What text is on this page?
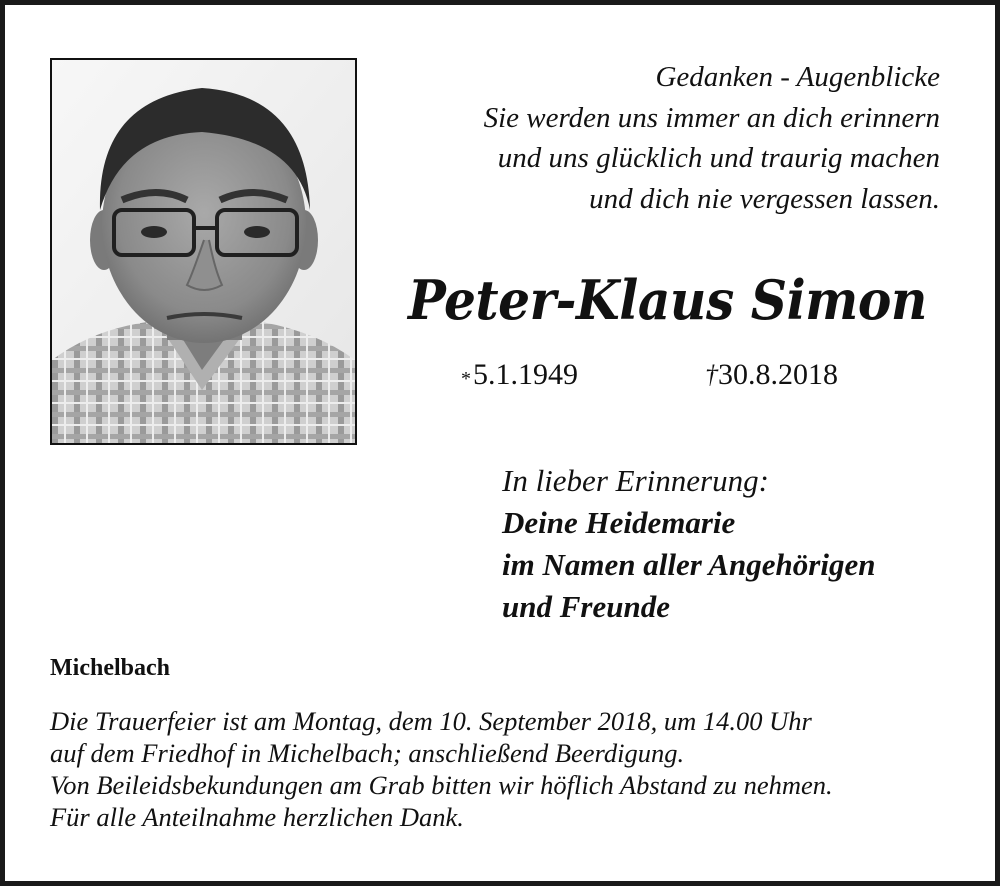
Gedanken - Augenblicke
Sie werden uns immer an dich erinnern
und uns glücklich und traurig machen
und dich nie vergessen lassen.
Peter-Klaus Simon
*5.1.1949	†30.8.2018
In lieber Erinnerung:
Deine Heidemarie
im Namen aller Angehörigen
und Freunde
Michelbach
Die Trauerfeier ist am Montag, dem 10. September 2018, um 14.00 Uhr
auf dem Friedhof in Michelbach; anschließend Beerdigung.
Von Beileidsbekundungen am Grab bitten wir höflich Abstand zu nehmen.
Für alle Anteilnahme herzlichen Dank.
